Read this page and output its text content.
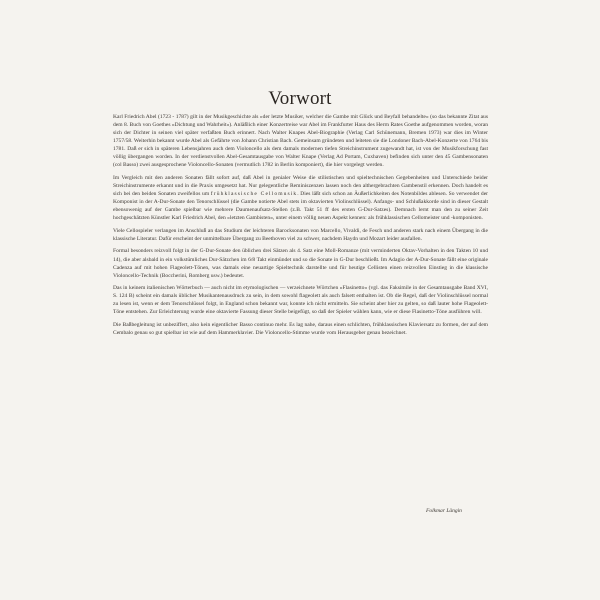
Vorwort

Karl Friedrich Abel (1723 - 1787) gilt in der Musikgeschichte als »der letzte Musiker, welcher die Gambe mit Glück und Beyfall behandelte« (so das bekannte Zitat aus dem 8. Buch von Goethes »Dichtung und Wahrheit«). Anläßlich einer Konzertreise war Abel im Frankfurter Haus des Herrn Rates Goethe aufgenommen worden, woran sich der Dichter in seinen viel später verfaßten Buch erinnert. Nach Walter Knapes Abel-Biographie (Verlag Carl Schünemann, Bremen 1973) war dies im Winter 1757/58. Weiterhin bekannt wurde Abel als Gefährte von Johann Christian Bach. Gemeinsam gründeten und leiteten sie die Londoner Bach-Abel-Konzerte von 1764 bis 1781. Daß er sich in späteren Lebensjahren auch dem Violoncello als dem damals modernen tiefen Streichinstrument zugewandt hat, ist von der Musikforschung fast völlig übergangen worden. In der verdienstvollen Abel-Gesamtausgabe von Walter Knape (Verlag Ad Portam, Cuxhaven) befinden sich unter den 45 Gambensonaten (col Basso) zwei ausgesprochene Violoncello-Sonaten (vermutlich 1782 in Berlin komponiert), die hier vorgelegt werden.

Im Vergleich mit den anderen Sonaten fällt sofort auf, daß Abel in genialer Weise die stilistischen und spieltechnischen Gegebenheiten und Unterschiede beider Streichinstrumente erkannt und in die Praxis umgesetzt hat. Nur gelegentliche Reminiszenzen lassen noch den althergebrachten Gambenstil erkennen. Doch handelt es sich bei den beiden Sonaten zweifellos um frühklassische Cellomusik. Dies läßt sich schon an Äußerlichkeiten des Notenbildes ablesen. So verwendet der Komponist in der A-Dur-Sonate den Tenorschlüssel (die Gambe notierte Abel stets im oktavierten Violinschlüssel). Anfangs- und Schlußakkorde sind in dieser Gestalt ebensowenig auf der Gambe spielbar wie mehrere Daumenaufsatz-Stellen (z.B. Takt 51 ff des ersten G-Dur-Satzes). Demnach lernt man den zu seiner Zeit hochgeschätzten Künstler Karl Friedrich Abel, den »letzten Gambisten«, unter einem völlig neuen Aspekt kennen: als frühklassischen Cellomeister und -komponisten.

Viele Cellospieler verlangen im Anschluß an das Studium der leichteren Barocksonaten von Marcello, Vivaldi, de Fesch und anderen stark nach einem Übergang in die klassische Literatur. Dafür erscheint der unmittelbare Übergang zu Beethoven viel zu schwer, nachdem Haydn und Mozart leider ausfallen.

Formal besonders reizvoll folgt in der G-Dur-Sonate den üblichen drei Sätzen als 4. Satz eine Moll-Romanze (mit verminderten Oktav-Vorhalten in den Takten 10 und 14), die aber alsbald in ein volkstümliches Dur-Sätzchen im 6/8 Takt einmündet und so die Sonate in G-Dur beschließt. Im Adagio der A-Dur-Sonate fällt eine originale Cadenza auf mit hohen Flageolett-Tönen, was damals eine neuartige Spieltechnik darstellte und für heutige Cellisten einen reizvollen Einstieg in die klassische Violoncello-Technik (Boccherini, Romberg usw.) bedeutet.

Das in keinem italienischen Wörterbuch — auch nicht im etymologischen — verzeichnete Wörtchen »Flasinetto« (vgl. das Faksimile in der Gesamtausgabe Band XVI, S. 124 B) scheint ein damals üblicher Musikantenausdruck zu sein, in dem sowohl flageolett als auch falsett enthalten ist. Ob die Regel, daß der Violinschlüssel normal zu lesen ist, wenn er dem Tenorschlüssel folgt, in England schon bekannt war, konnte ich nicht ermitteln. Sie scheint aber hier zu gelten, so daß lauter hohe Flageolett-Töne entstehen. Zur Erleichterung wurde eine oktavierte Fassung dieser Stelle beigefügt, so daß der Spieler wählen kann, wie er diese Flasinetto-Töne ausführen will.

Die Baßbegleitung ist unbeziffert, also kein eigentlicher Basso continuo mehr. Es lag nahe, daraus einen schlichten, frühklassischen Klaviersatz zu formen, der auf dem Cembalo genau so gut spielbar ist wie auf dem Hammerklavier. Die Violoncello-Stimme wurde vom Herausgeber genau bezeichnet.

Folkmar Längin
